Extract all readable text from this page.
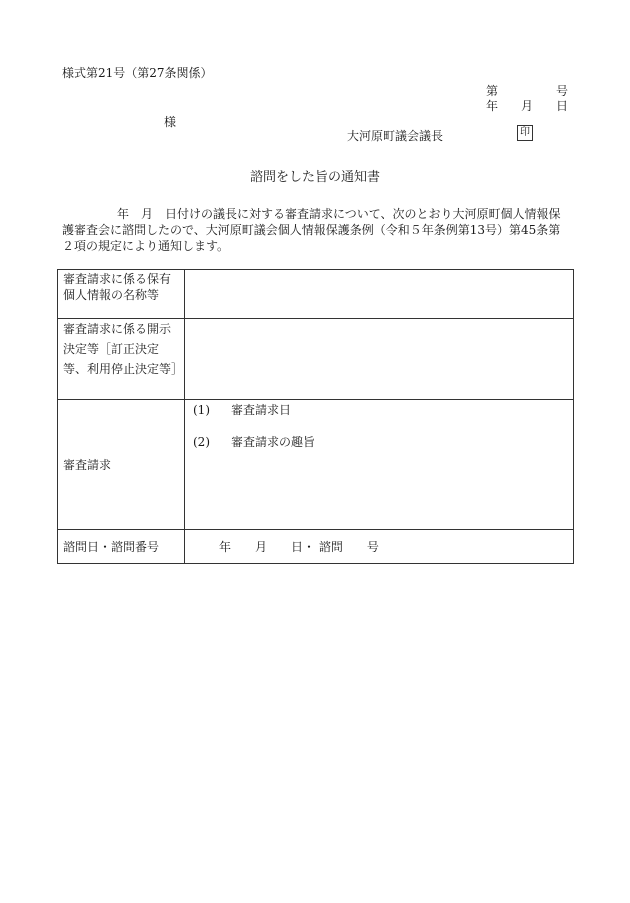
様式第21号（第27条関係）
第	号
年 月 日
様
大河原町議会議長	印
諮問をした旨の通知書
年　月　日付けの議長に対する審査請求について、次のとおり大河原町個人情報保護審査会に諮問したので、大河原町議会個人情報保護条例（令和５年条例第13号）第45条第２項の規定により通知します。
審査請求に係る保有個人情報の名称等	
審査請求に係る開示決定等［訂正決定等、利用停止決定等］	
審査請求	(1) 審査請求日
(2) 審査請求の趣旨

諮問日・諮問番号	年　　月　　日・ 諮問　　号
